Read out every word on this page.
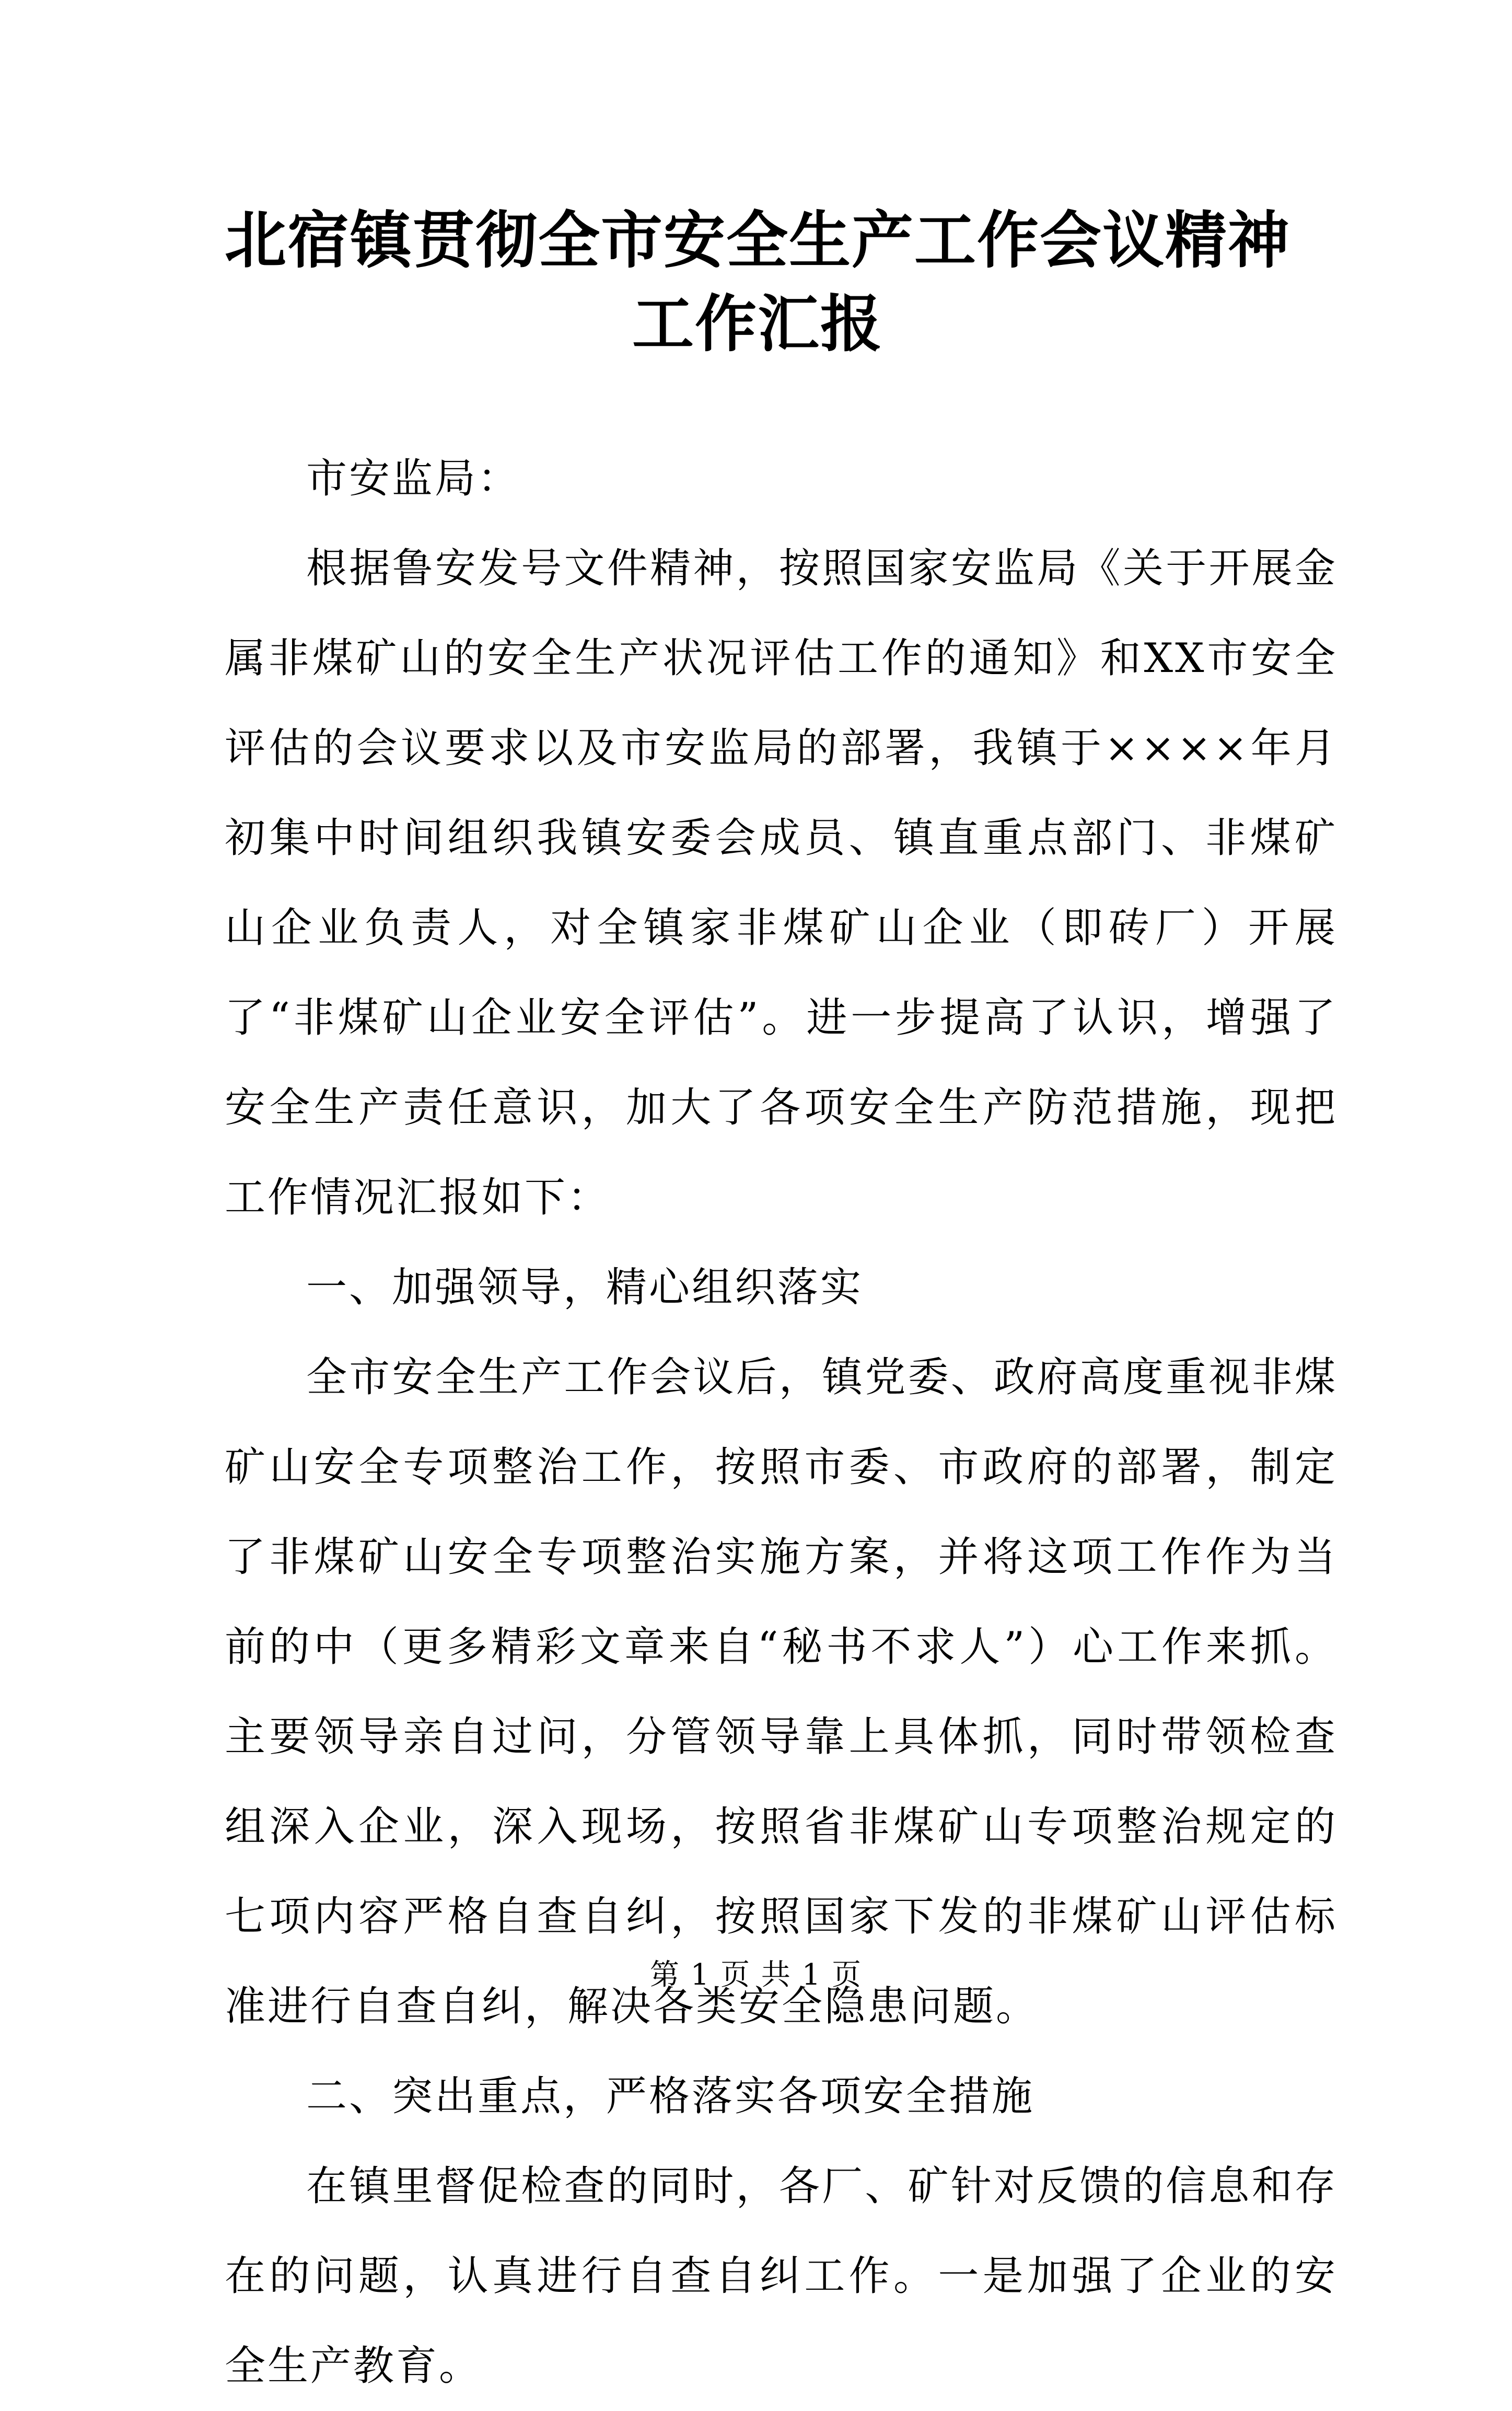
北宿镇贯彻全市安全生产工作会议精神工作汇报

市安监局：

根据鲁安发号文件精神，按照国家安监局《关于开展金属非煤矿山的安全生产状况评估工作的通知》和XX市安全评估的会议要求以及市安监局的部署，我镇于××××年月初集中时间组织我镇安委会成员、镇直重点部门、非煤矿山企业负责人，对全镇家非煤矿山企业（即砖厂）开展了“非煤矿山企业安全评估”。进一步提高了认识，增强了安全生产责任意识，加大了各项安全生产防范措施，现把工作情况汇报如下：

一、加强领导，精心组织落实

全市安全生产工作会议后，镇党委、政府高度重视非煤矿山安全专项整治工作，按照市委、市政府的部署，制定了非煤矿山安全专项整治实施方案，并将这项工作作为当前的中（更多精彩文章来自“秘书不求人”）心工作来抓。主要领导亲自过问，分管领导靠上具体抓，同时带领检查组深入企业，深入现场，按照省非煤矿山专项整治规定的七项内容严格自查自纠，按照国家下发的非煤矿山评估标准进行自查自纠，解决各类安全隐患问题。

二、突出重点，严格落实各项安全措施

在镇里督促检查的同时，各厂、矿针对反馈的信息和存在的问题，认真进行自查自纠工作。一是加强了企业的安全生产教育。

第 1 页 共 1 页
